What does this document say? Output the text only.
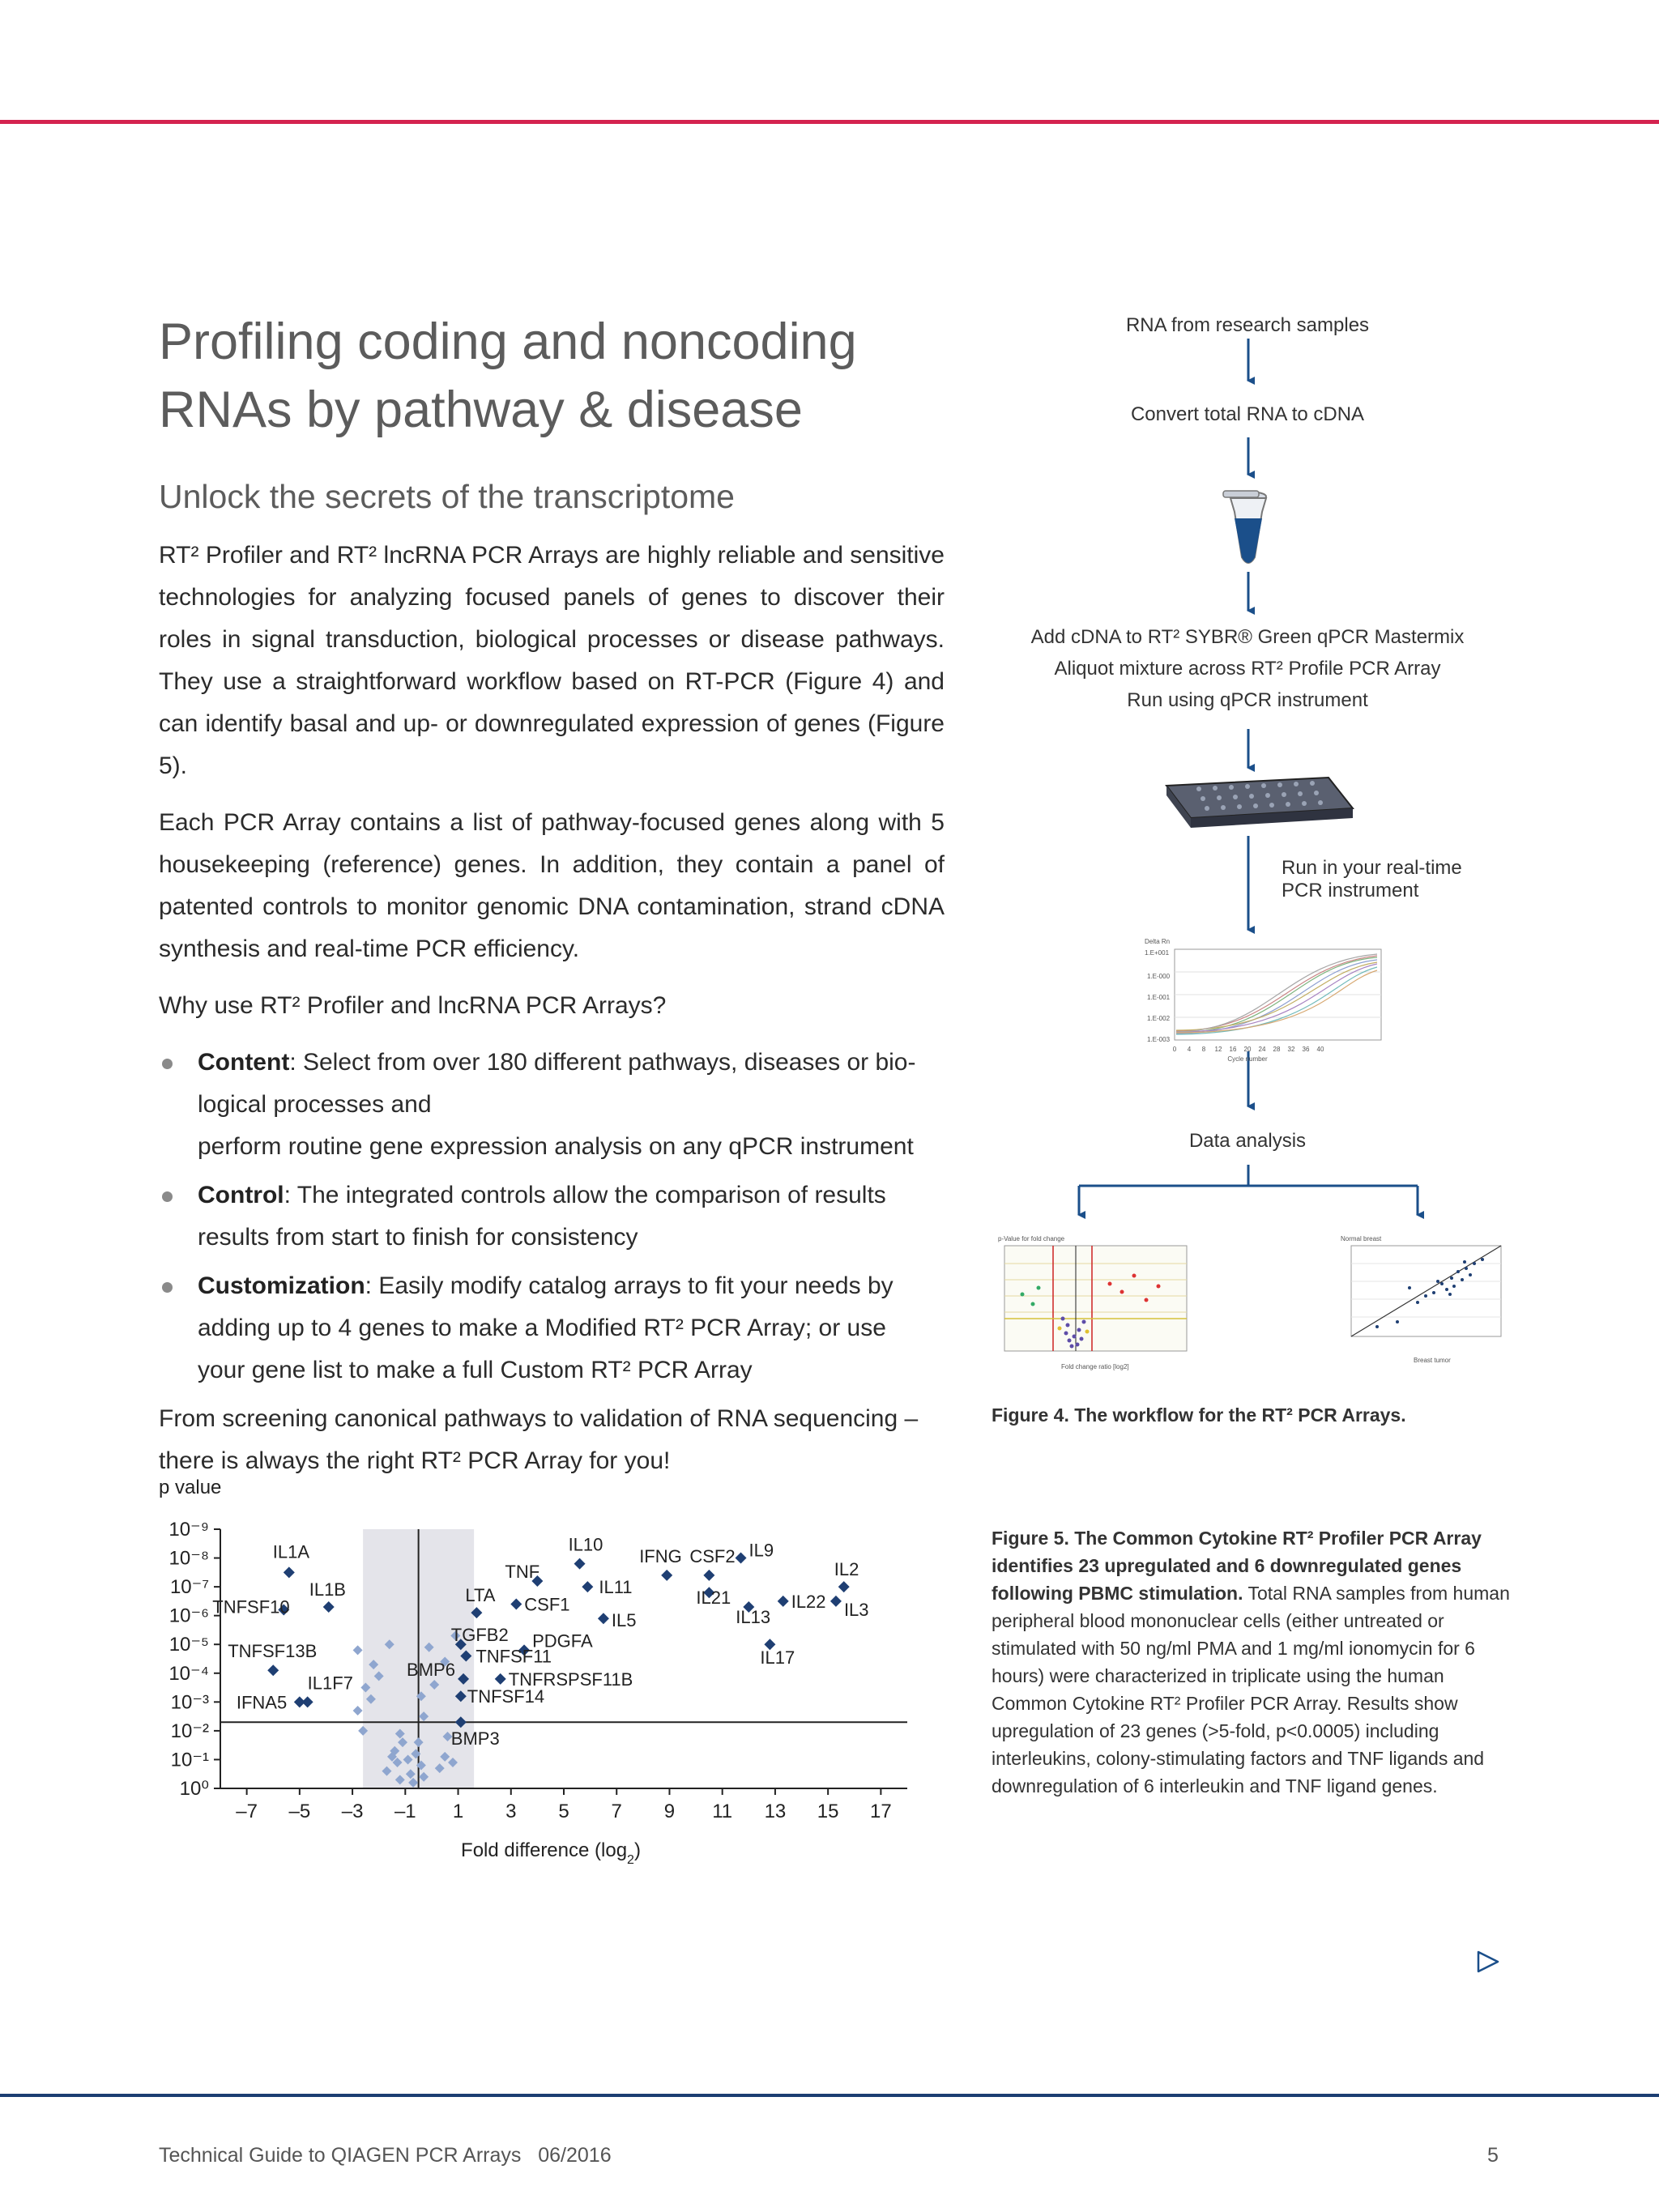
Profiling coding and noncoding
RNAs by pathway & disease
Unlock the secrets of the transcriptome

RT² Profiler and RT² lncRNA PCR Arrays are highly reliable and sensitive technologies for analyzing focused panels of genes to discover their roles in signal transduction, biological processes or disease pathways. They use a straightforward workflow based on RT-PCR (Figure 4) and can identify basal and up- or downregulated expression of genes (Figure 5).

Each PCR Array contains a list of pathway-focused genes along with 5 housekeeping (reference) genes. In addition, they contain a panel of patented controls to monitor genomic DNA contamination, strand cDNA synthesis and real-time PCR efficiency.

Why use RT² Profiler and lncRNA PCR Arrays?

Content: Select from over 180 different pathways, diseases or bio-
logical processes and
perform routine gene expression analysis on any qPCR instrument
Control: The integrated controls allow the comparison of results
results from start to finish for consistency
Customization: Easily modify catalog arrays to fit your needs by
adding up to 4 genes to make a Modified RT² PCR Array; or use
your gene list to make a full Custom RT² PCR Array

From screening canonical pathways to validation of RNA sequencing – there is always the right RT² PCR Array for you!

RNA from research samples
Convert total RNA to cDNA
Add cDNA to RT² SYBR® Green qPCR Mastermix
Aliquot mixture across RT² Profile PCR Array
Run using qPCR instrument
Run in your real-time
PCR instrument
Data analysis
Delta Rn
1.E+001
1.E-000
1.E-001
1.E-002
1.E-003
0 4 8 12 16 20 24 28 32 36 40
Cycle number
p-Value for fold change
Fold change ratio [log2]
Normal breast
Breast tumor
Figure 4. The workflow for the RT² PCR Arrays.
p value
10⁻⁹
10⁻⁸
10⁻⁷
10⁻⁶
10⁻⁵
10⁻⁴
10⁻³
10⁻²
10⁻¹
10⁰
–7 –5 –3 –1 1 3 5 7 9 11 13 15 17
IL1A
IL1B
TNFSF10
TNFSF13B
IL1F7
IFNA5
IL10
TNF
IL11
IFNG CSF2 IL9
IL2
LTA CSF1
IL5
IL21
IL13
IL22 IL3
TGFB2 PDGFA
IL17
TNFSF11
BMP6	TNFRSPSF11B
TNFSF14
BMP3
Fold difference $(\log_2)$
Figure 5. The Common Cytokine RT² Profiler PCR Array identifies 23 upregulated and 6 downregulated genes following PBMC stimulation. Total RNA samples from human peripheral blood mononuclear cells (either untreated or stimulated with 50 ng/ml PMA and 1 mg/ml ionomycin for 6 hours) were characterized in triplicate using the human Common Cytokine RT² Profiler PCR Array. Results show upregulation of 23 genes (>5-fold, p<0.0005) including interleukins, colony-stimulating factors and TNF ligands and downregulation of 6 interleukin and TNF ligand genes.
Technical Guide to QIAGEN PCR Arrays   06/2016	5
